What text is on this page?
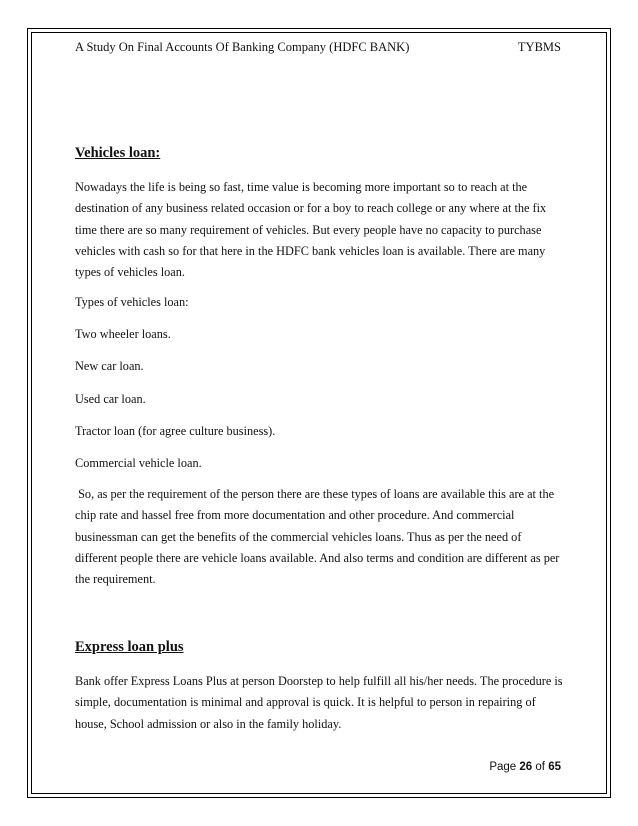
A Study On Final Accounts Of Banking Company (HDFC BANK)	TYBMS
Vehicles loan:

Nowadays the life is being so fast, time value is becoming more important so to reach at the destination of any business related occasion or for a boy to reach college or any where at the fix time there are so many requirement of vehicles. But every people have no capacity to purchase vehicles with cash so for that here in the HDFC bank vehicles loan is available. There are many types of vehicles loan.

Types of vehicles loan:
Two wheeler loans.
New car loan.
Used car loan.
Tractor loan (for agree culture business).
Commercial vehicle loan.

So, as per the requirement of the person there are these types of loans are available this are at the chip rate and hassel free from more documentation and other procedure. And commercial businessman can get the benefits of the commercial vehicles loans. Thus as per the need of different people there are vehicle loans available. And also terms and condition are different as per the requirement.

Express loan plus

Bank offer Express Loans Plus at person Doorstep to help fulfill all his/her needs. The procedure is simple, documentation is minimal and approval is quick. It is helpful to person in repairing of house, School admission or also in the family holiday.

Page 26 of 65
